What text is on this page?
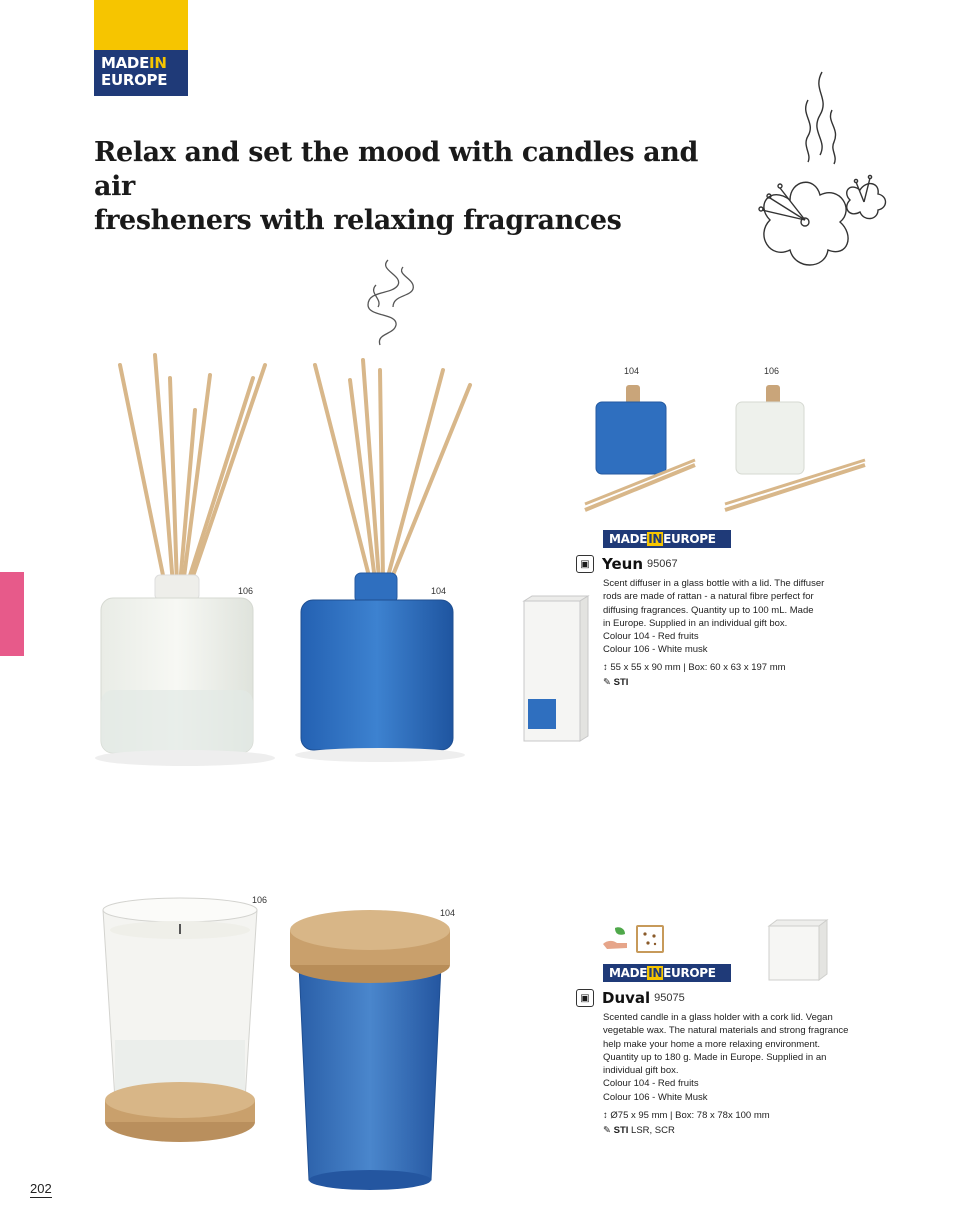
MADEIN
EUROPE
Relax and set the mood with candles and air
fresheners with relaxing fragrances
106	104
104	106
MADEINEUROPE
▣ Yeun 95067

Scent diffuser in a glass bottle with a lid. The diffuser

rods are made of rattan - a natural fibre perfect for

diffusing fragrances. Quantity up to 100 mL. Made

in Europe. Supplied in an individual gift box.

Colour 104 - Red fruits

Colour 106 - White musk

↕ 55 x 55 x 90 mm | Box: 60 x 63 x 197 mm
✎ STI
106
104
MADEINEUROPE
▣ Duval 95075

Scented candle in a glass holder with a cork lid. Vegan

vegetable wax. The natural materials and strong fragrance

help make your home a more relaxing environment.

Quantity up to 180 g. Made in Europe. Supplied in an

individual gift box.

Colour 104 - Red fruits

Colour 106 - White Musk

↕ Ø75 x 95 mm | Box: 78 x 78x 100 mm
✎ STI LSR, SCR
202
